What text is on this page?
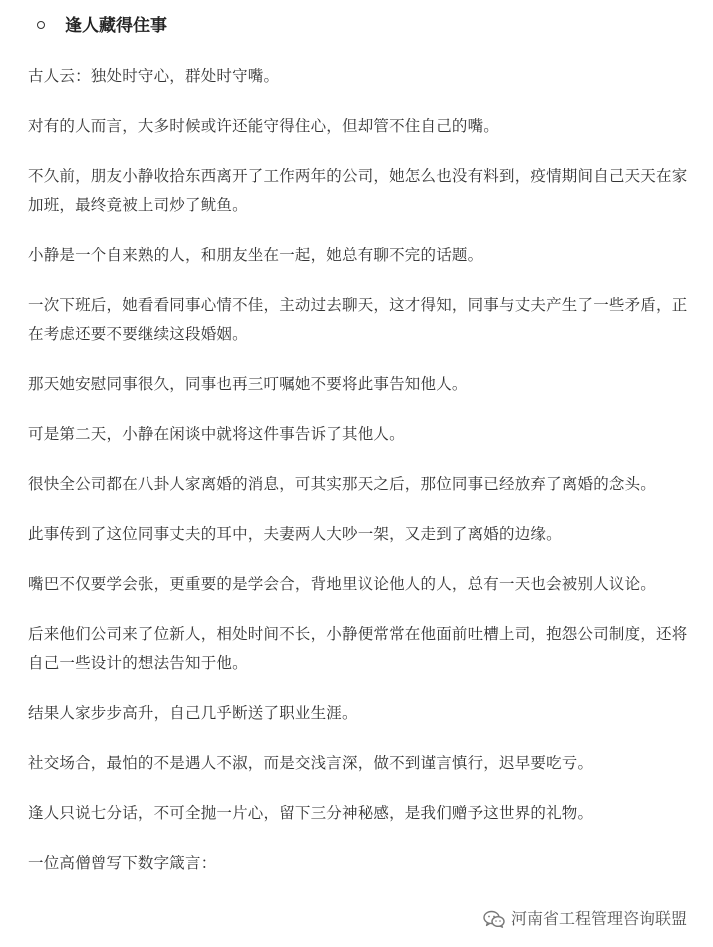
逢人藏得住事

古人云：独处时守心，群处时守嘴。

对有的人而言，大多时候或许还能守得住心，但却管不住自己的嘴。

不久前，朋友小静收拾东西离开了工作两年的公司，她怎么也没有料到，疫情期间自己天天在家加班，最终竟被上司炒了鱿鱼。

小静是一个自来熟的人，和朋友坐在一起，她总有聊不完的话题。

一次下班后，她看看同事心情不佳，主动过去聊天，这才得知，同事与丈夫产生了一些矛盾，正在考虑还要不要继续这段婚姻。

那天她安慰同事很久，同事也再三叮嘱她不要将此事告知他人。

可是第二天，小静在闲谈中就将这件事告诉了其他人。

很快全公司都在八卦人家离婚的消息，可其实那天之后，那位同事已经放弃了离婚的念头。

此事传到了这位同事丈夫的耳中，夫妻两人大吵一架，又走到了离婚的边缘。

嘴巴不仅要学会张，更重要的是学会合，背地里议论他人的人，总有一天也会被别人议论。

后来他们公司来了位新人，相处时间不长，小静便常常在他面前吐槽上司，抱怨公司制度，还将自己一些设计的想法告知于他。

结果人家步步高升，自己几乎断送了职业生涯。

社交场合，最怕的不是遇人不淑，而是交浅言深，做不到谨言慎行，迟早要吃亏。

逢人只说七分话，不可全抛一片心，留下三分神秘感，是我们赠予这世界的礼物。

一位高僧曾写下数字箴言：

河南省工程管理咨询联盟
